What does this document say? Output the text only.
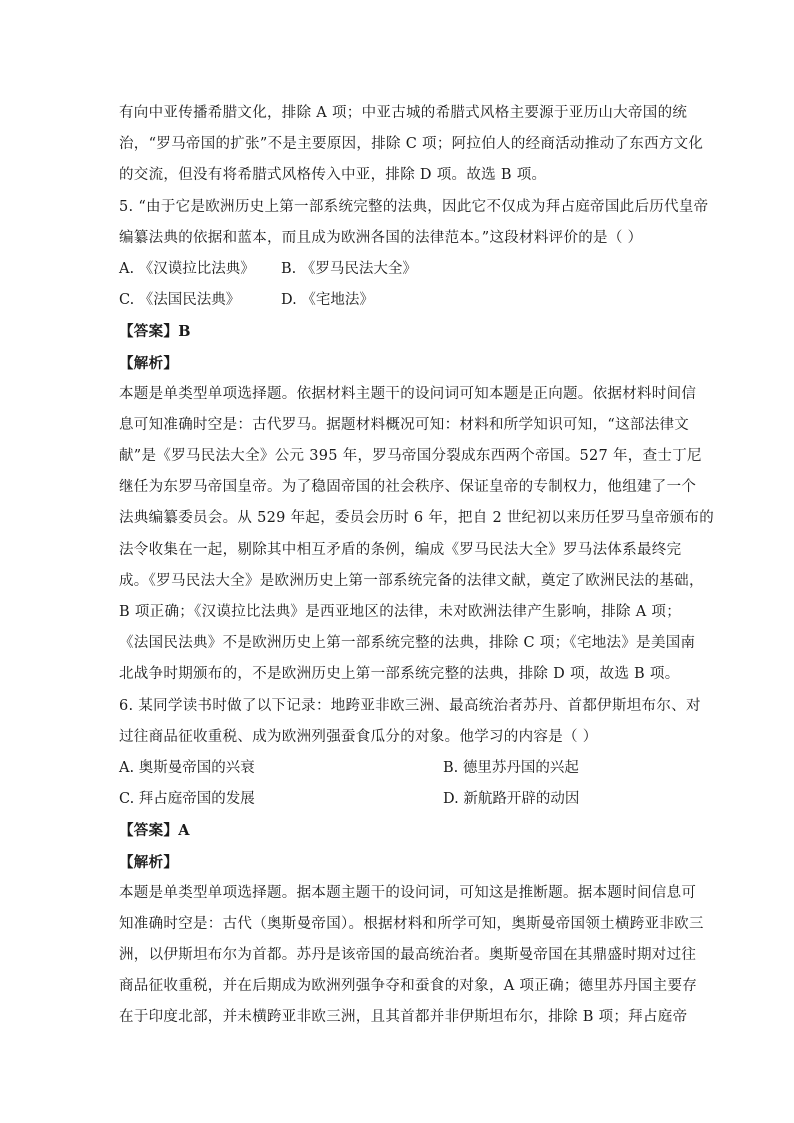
有向中亚传播希腊文化，排除 A 项；中亚古城的希腊式风格主要源于亚历山大帝国的统
治，“罗马帝国的扩张”不是主要原因，排除 C 项；阿拉伯人的经商活动推动了东西方文化
的交流，但没有将希腊式风格传入中亚，排除 D 项。故选 B 项。
5. “由于它是欧洲历史上第一部系统完整的法典，因此它不仅成为拜占庭帝国此后历代皇帝
编纂法典的依据和蓝本，而且成为欧洲各国的法律范本。”这段材料评价的是（ ）
A. 《汉谟拉比法典》 B. 《罗马民法大全》
C. 《法国民法典》	D. 《宅地法》
【答案】B
【解析】
本题是单类型单项选择题。依据材料主题干的设问词可知本题是正向题。依据材料时间信
息可知准确时空是：古代罗马。据题材料概况可知：材料和所学知识可知，“这部法律文
献”是《罗马民法大全》公元 395 年，罗马帝国分裂成东西两个帝国。527 年，查士丁尼
继任为东罗马帝国皇帝。为了稳固帝国的社会秩序、保证皇帝的专制权力，他组建了一个
法典编纂委员会。从 529 年起，委员会历时 6 年，把自 2 世纪初以来历任罗马皇帝颁布的
法令收集在一起，剔除其中相互矛盾的条例，编成《罗马民法大全》罗马法体系最终完
成。《罗马民法大全》是欧洲历史上第一部系统完备的法律文献，奠定了欧洲民法的基础，
B 项正确；《汉谟拉比法典》是西亚地区的法律，未对欧洲法律产生影响，排除 A 项；
《法国民法典》不是欧洲历史上第一部系统完整的法典，排除 C 项；《宅地法》是美国南
北战争时期颁布的，不是欧洲历史上第一部系统完整的法典，排除 D 项，故选 B 项。
6. 某同学读书时做了以下记录：地跨亚非欧三洲、最高统治者苏丹、首都伊斯坦布尔、对
过往商品征收重税、成为欧洲列强蚕食瓜分的对象。他学习的内容是（ ）
A. 奥斯曼帝国的兴衰	B. 德里苏丹国的兴起
C. 拜占庭帝国的发展	D. 新航路开辟的动因
【答案】A
【解析】
本题是单类型单项选择题。据本题主题干的设问词，可知这是推断题。据本题时间信息可
知准确时空是：古代（奥斯曼帝国）。根据材料和所学可知，奥斯曼帝国领土横跨亚非欧三
洲，以伊斯坦布尔为首都。苏丹是该帝国的最高统治者。奥斯曼帝国在其鼎盛时期对过往
商品征收重税，并在后期成为欧洲列强争夺和蚕食的对象，A 项正确；德里苏丹国主要存
在于印度北部，并未横跨亚非欧三洲，且其首都并非伊斯坦布尔，排除 B 项；拜占庭帝
